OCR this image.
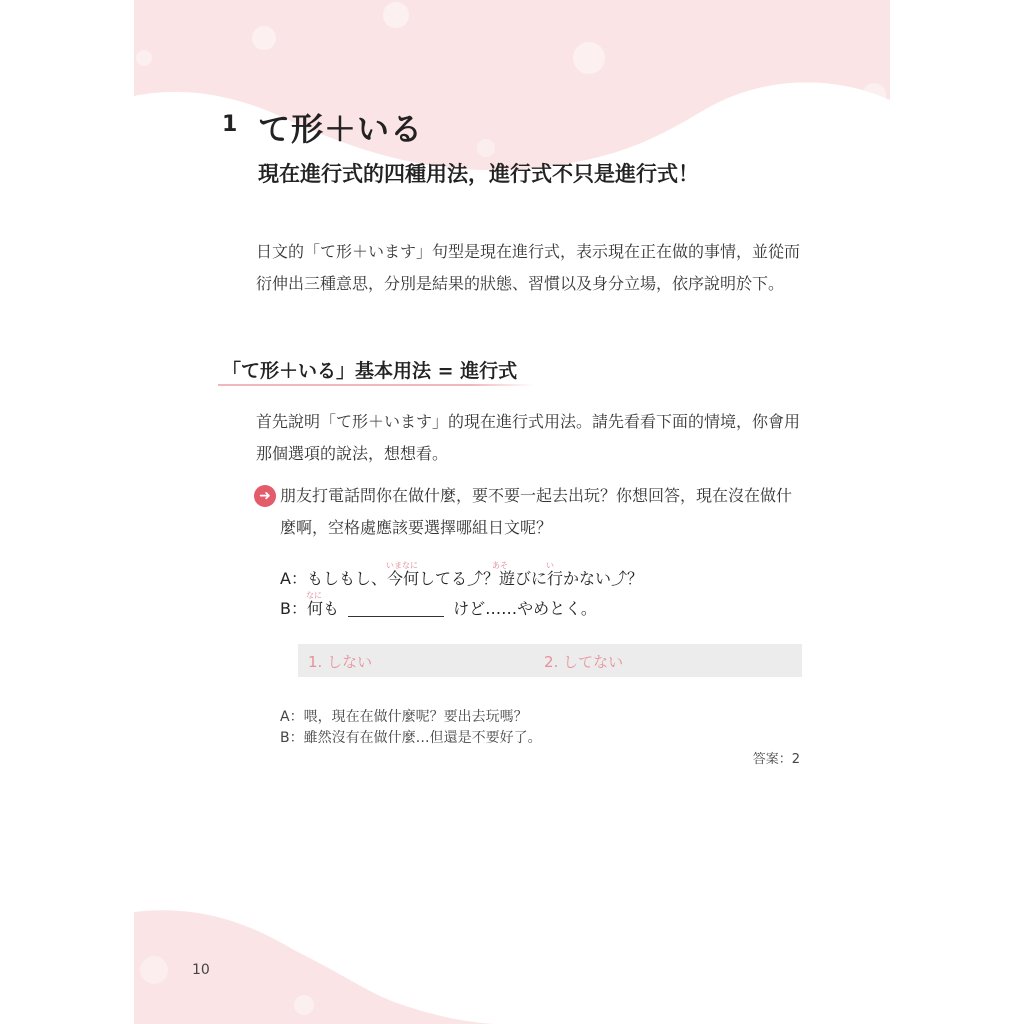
1 て形＋いる
現在進行式的四種用法，進行式不只是進行式！
日文的「て形＋います」句型是現在進行式，表示現在正在做的事情，並從而衍伸出三種意思，分別是結果的狀態、習慣以及身分立場，依序說明於下。
「て形＋いる」基本用法 = 進行式
首先說明「て形＋います」的現在進行式用法。請先看看下面的情境，你會用那個選項的說法，想想看。
➜ 朋友打電話問你在做什麼，要不要一起去出玩？你想回答，現在沒在做什麼啊，空格處應該要選擇哪組日文呢？
いまなに	あそ	い
なに
A：もしもし、今何してる⤴？遊びに行かない⤴？
B：何も	けど……やめとく。
1. しない	2. してない
A：喂，現在在做什麼呢？要出去玩嗎？
B：雖然沒有在做什麼…但還是不要好了。
答案：2
10
